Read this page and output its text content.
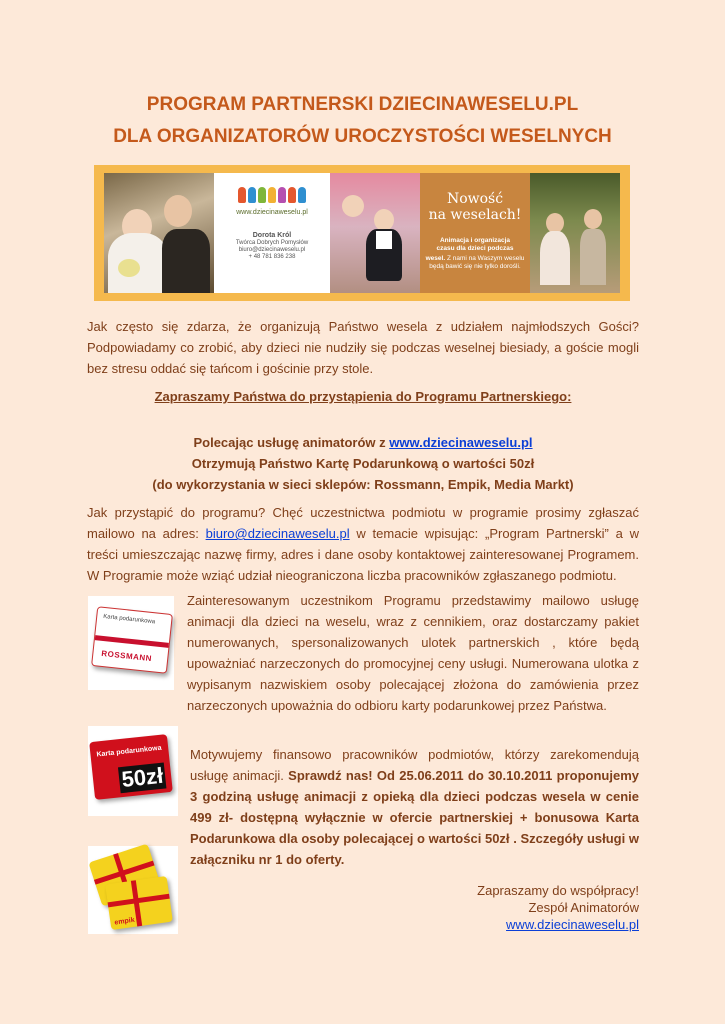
PROGRAM PARTNERSKI DZIECINAWESELU.PL
DLA ORGANIZATORÓW UROCZYSTOŚCI WESELNYCH
www.dziecinaweselu.pl
Dorota Król
Twórca Dobrych Pomysłów
biuro@dziecinaweselu.pl
+ 48 781 836 238
Nowość
na weselach!
Animacja i organizacja
czasu dla dzieci podczas
wesel. Z nami na Waszym weselu będą bawić się nie tylko dorośli.

Jak często się zdarza, że organizują Państwo wesela z udziałem najmłodszych Gości? Podpowiadamy co zrobić, aby dzieci nie nudziły się podczas weselnej biesiady, a goście mogli bez stresu oddać się tańcom i gościnie przy stole.

Zapraszamy Państwa do przystąpienia do Programu Partnerskiego:

Polecając usługę animatorów z www.dziecinaweselu.pl

Otrzymują Państwo Kartę Podarunkową o wartości 50zł

(do wykorzystania w sieci sklepów: Rossmann, Empik, Media Markt)

Jak przystąpić do programu? Chęć uczestnictwa podmiotu w programie prosimy zgłaszać mailowo na adres: biuro@dziecinaweselu.pl w temacie wpisując: „Program Partnerski” a w treści umieszczając nazwę firmy, adres i dane osoby kontaktowej zainteresowanej Programem. W Programie może wziąć udział nieograniczona liczba pracowników zgłaszanego podmiotu.

Karta podarunkowa
ROSSMANN

Zainteresowanym uczestnikom Programu przedstawimy mailowo usługę animacji dla dzieci na weselu, wraz z cennikiem, oraz dostarczamy pakiet numerowanych, spersonalizowanych ulotek partnerskich , które będą upoważniać narzeczonych do promocyjnej ceny usługi. Numerowana ulotka z wypisanym nazwiskiem osoby polecającej złożona do zamówienia przez narzeczonych upoważnia do odbioru karty podarunkowej przez Państwa.

Karta podarunkowa
50zł

Motywujemy finansowo pracowników podmiotów, którzy zarekomendują usługę animacji. Sprawdź nas! Od 25.06.2011 do 30.10.2011 proponujemy 3 godziną usługę animacji z opieką dla dzieci podczas wesela w cenie 499 zł- dostępną wyłącznie w ofercie partnerskiej + bonusowa Karta Podarunkowa dla osoby polecającej o wartości 50zł . Szczegóły usługi w załączniku nr 1 do oferty.

empik

Zapraszamy do współpracy!

Zespół Animatorów

www.dziecinaweselu.pl
